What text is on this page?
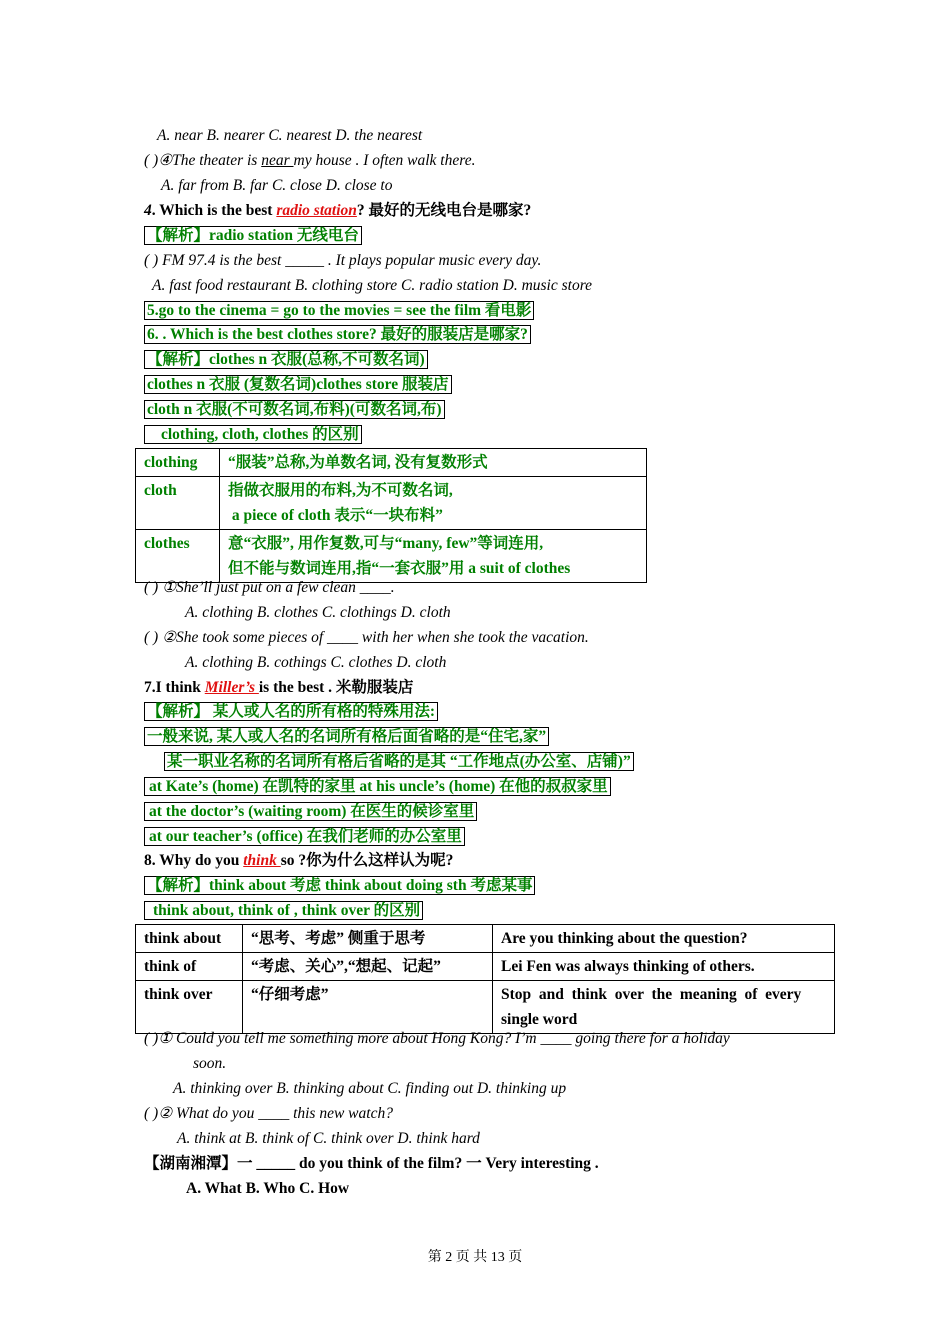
A. near B. nearer C. nearest D. the nearest
( )④The theater is near my house . I often walk there.
A. far from B. far C. close D. close to
4. Which is the best radio station? 最好的无线电台是哪家?
【解析】radio station 无线电台
( ) FM 97.4 is the best _____ . It plays popular music every day.
A. fast food restaurant B. clothing store C. radio station D. music store
5.go to the cinema = go to the movies = see the film 看电影
6. . Which is the best clothes store? 最好的服装店是哪家?
【解析】clothes n 衣服(总称,不可数名词)
clothes n 衣服 (复数名词)clothes store 服装店
cloth n 衣服(不可数名词,布料)(可数名词,布)
clothing, cloth, clothes 的区别
clothing	“服装”总称,为单数名词, 没有复数形式
cloth	指做衣服用的布料,为不可数名词,
a piece of cloth 表示“一块布料”

clothes	意“衣服”, 用作复数,可与“many, few”等词连用,
但不能与数词连用,指“一套衣服”用 a suit of clothes
( ) ①She’ll just put on a few clean ____.
A. clothing B. clothes C. clothings D. cloth
( ) ②She took some pieces of ____ with her when she took the vacation.
A. clothing B. cothings C. clothes D. cloth
7.I think Miller’s is the best . 米勒服装店
【解析】 某人或人名的所有格的特殊用法:
一般来说, 某人或人名的名词所有格后面省略的是“住宅,家”
某一职业名称的名词所有格后省略的是其 “工作地点(办公室、店铺)”
at Kate’s (home) 在凯特的家里 at his uncle’s (home) 在他的叔叔家里
at the doctor’s (waiting room) 在医生的候诊室里
at our teacher’s (office) 在我们老师的办公室里
8. Why do you think so ?你为什么这样认为呢?
【解析】think about 考虑 think about doing sth 考虑某事
think about, think of , think over 的区别
think about	“思考、考虑” 侧重于思考	Are you thinking about the question?
think of	“考虑、关心”,“想起、记起”	Lei Fen was always thinking of others.
think over	“仔细考虑”	Stop  and  think  over  the  meaning  of  every
single word
( )① Could you tell me something more about Hong Kong? I’m ____ going there for a holiday
soon.
A. thinking over B. thinking about C. finding out D. thinking up
( )② What do you ____ this new watch?
A. think at B. think of C. think over D. think hard
【湖南湘潭】一 _____ do you think of the film? 一 Very interesting .
A. What B. Who C. How
第 2 页 共 13 页
